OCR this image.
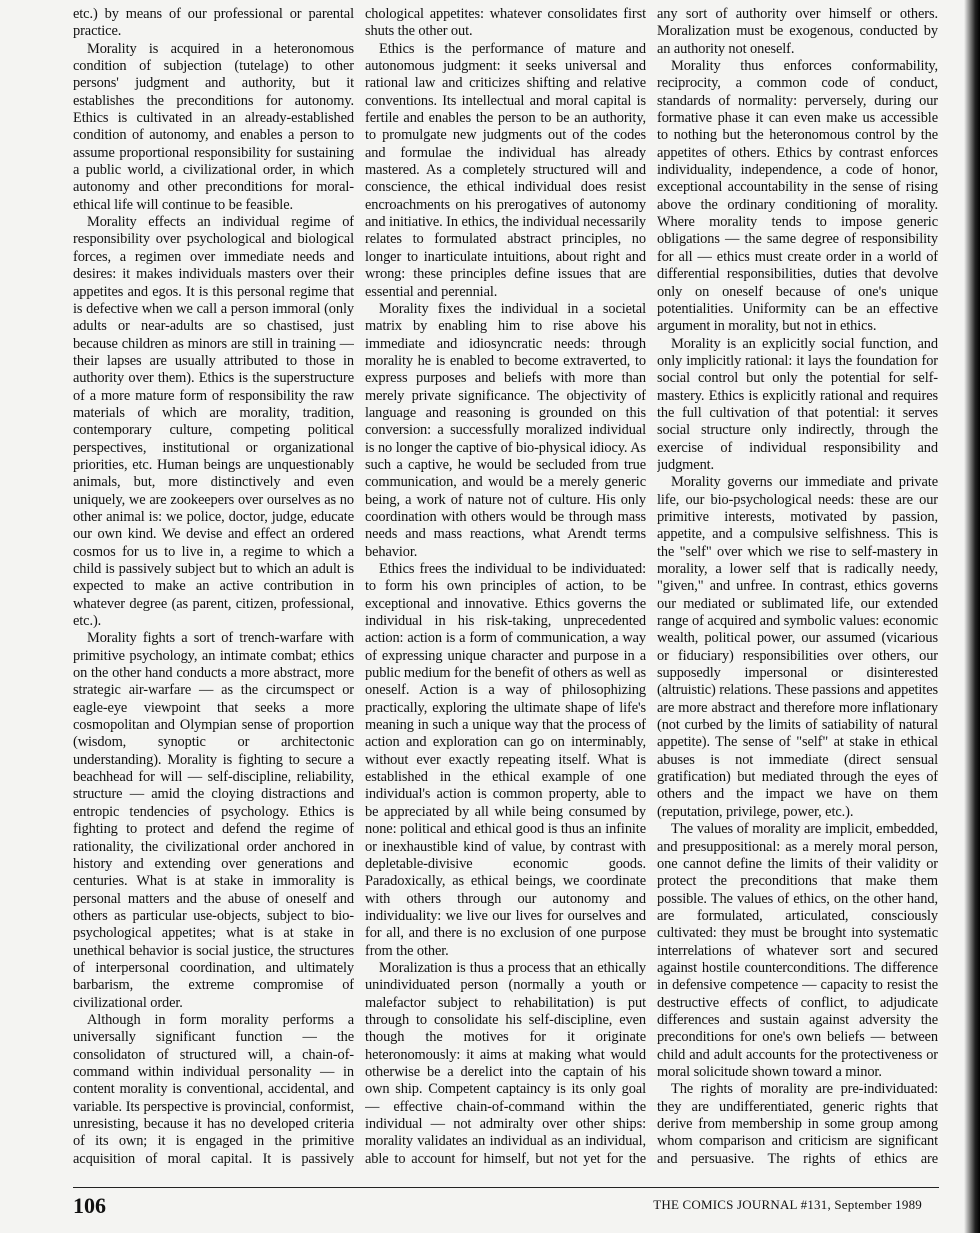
etc.) by means of our professional or parental practice.

Morality is acquired in a heteronomous condition of subjection (tutelage) to other persons' judgment and authority, but it establishes the preconditions for autonomy. Ethics is cultivated in an already-established condition of autonomy, and enables a person to assume proportional responsibility for sustaining a public world, a civilizational order, in which autonomy and other preconditions for moral-ethical life will continue to be feasible.

Morality effects an individual regime of responsibility over psychological and biological forces, a regimen over immediate needs and desires: it makes individuals masters over their appetites and egos. It is this personal regime that is defective when we call a person immoral (only adults or near-adults are so chastised, just because children as minors are still in training — their lapses are usually attributed to those in authority over them). Ethics is the superstructure of a more mature form of responsibility the raw materials of which are morality, tradition, contemporary culture, competing political perspectives, institutional or organizational priorities, etc. Human beings are unquestionably animals, but, more distinctively and even uniquely, we are zookeepers over ourselves as no other animal is: we police, doctor, judge, educate our own kind. We devise and effect an ordered cosmos for us to live in, a regime to which a child is passively subject but to which an adult is expected to make an active contribution in whatever degree (as parent, citizen, professional, etc.).

Morality fights a sort of trench-warfare with primitive psychology, an intimate combat; ethics on the other hand conducts a more abstract, more strategic air-warfare — as the circumspect or eagle-eye viewpoint that seeks a more cosmopolitan and Olympian sense of proportion (wisdom, synoptic or architectonic understanding). Morality is fighting to secure a beachhead for will — self-discipline, reliability, structure — amid the cloying distractions and entropic tendencies of psychology. Ethics is fighting to protect and defend the regime of rationality, the civilizational order anchored in history and extending over generations and centuries. What is at stake in immorality is personal matters and the abuse of oneself and others as particular use-objects, subject to bio-psychological appetites; what is at stake in unethical behavior is social justice, the structures of interpersonal coordination, and ultimately barbarism, the extreme compromise of civilizational order.

Although in form morality performs a universally significant function — the consolidaton of structured will, a chain-of-command within individual personality — in content morality is conventional, accidental, and variable. Its perspective is provincial, conformist, unresisting, because it has no developed criteria of its own; it is engaged in the primitive acquisition of moral capital. It is passively

chological appetites: whatever consolidates first shuts the other out.

Ethics is the performance of mature and autonomous judgment: it seeks universal and rational law and criticizes shifting and relative conventions. Its intellectual and moral capital is fertile and enables the person to be an authority, to promulgate new judgments out of the codes and formulae the individual has already mastered. As a completely structured will and conscience, the ethical individual does resist encroachments on his prerogatives of autonomy and initiative. In ethics, the individual necessarily relates to formulated abstract principles, no longer to inarticulate intuitions, about right and wrong: these principles define issues that are essential and perennial.

Morality fixes the individual in a societal matrix by enabling him to rise above his immediate and idiosyncratic needs: through morality he is enabled to become extraverted, to express purposes and beliefs with more than merely private significance. The objectivity of language and reasoning is grounded on this conversion: a successfully moralized individual is no longer the captive of bio-physical idiocy. As such a captive, he would be secluded from true communication, and would be a merely generic being, a work of nature not of culture. His only coordination with others would be through mass needs and mass reactions, what Arendt terms behavior.

Ethics frees the individual to be individuated: to form his own principles of action, to be exceptional and innovative. Ethics governs the individual in his risk-taking, unprecedented action: action is a form of communication, a way of expressing unique character and purpose in a public medium for the benefit of others as well as oneself. Action is a way of philosophizing practically, exploring the ultimate shape of life's meaning in such a unique way that the process of action and exploration can go on interminably, without ever exactly repeating itself. What is established in the ethical example of one individual's action is common property, able to be appreciated by all while being consumed by none: political and ethical good is thus an infinite or inexhaustible kind of value, by contrast with depletable-divisive economic goods. Paradoxically, as ethical beings, we coordinate with others through our autonomy and individuality: we live our lives for ourselves and for all, and there is no exclusion of one purpose from the other.

Moralization is thus a process that an ethically unindividuated person (normally a youth or malefactor subject to rehabilitation) is put through to consolidate his self-discipline, even though the motives for it originate heteronomously: it aims at making what would otherwise be a derelict into the captain of his own ship. Competent captaincy is its only goal — effective chain-of-command within the individual — not admiralty over other ships: morality validates an individual as an individual, able to account for himself, but not yet for the

any sort of authority over himself or others. Moralization must be exogenous, conducted by an authority not oneself.

Morality thus enforces conformability, reciprocity, a common code of conduct, standards of normality: perversely, during our formative phase it can even make us accessible to nothing but the heteronomous control by the appetites of others. Ethics by contrast enforces individuality, independence, a code of honor, exceptional accountability in the sense of rising above the ordinary conditioning of morality. Where morality tends to impose generic obligations — the same degree of responsibility for all — ethics must create order in a world of differential responsibilities, duties that devolve only on oneself because of one's unique potentialities. Uniformity can be an effective argument in morality, but not in ethics.

Morality is an explicitly social function, and only implicitly rational: it lays the foundation for social control but only the potential for self-mastery. Ethics is explicitly rational and requires the full cultivation of that potential: it serves social structure only indirectly, through the exercise of individual responsibility and judgment.

Morality governs our immediate and private life, our bio-psychological needs: these are our primitive interests, motivated by passion, appetite, and a compulsive selfishness. This is the "self" over which we rise to self-mastery in morality, a lower self that is radically needy, "given," and unfree. In contrast, ethics governs our mediated or sublimated life, our extended range of acquired and symbolic values: economic wealth, political power, our assumed (vicarious or fiduciary) responsibilities over others, our supposedly impersonal or disinterested (altruistic) relations. These passions and appetites are more abstract and therefore more inflationary (not curbed by the limits of satiability of natural appetite). The sense of "self" at stake in ethical abuses is not immediate (direct sensual gratification) but mediated through the eyes of others and the impact we have on them (reputation, privilege, power, etc.).

The values of morality are implicit, embedded, and presuppositional: as a merely moral person, one cannot define the limits of their validity or protect the preconditions that make them possible. The values of ethics, on the other hand, are formulated, articulated, consciously cultivated: they must be brought into systematic interrelations of whatever sort and secured against hostile counterconditions. The difference in defensive competence — capacity to resist the destructive effects of conflict, to adjudicate differences and sustain against adversity the preconditions for one's own beliefs — between child and adult accounts for the protectiveness or moral solicitude shown toward a minor.

The rights of morality are pre-individuated: they are undifferentiated, generic rights that derive from membership in some group among whom comparison and criticism are significant and persuasive. The rights of ethics are

106	THE COMICS JOURNAL #131, September 1989
